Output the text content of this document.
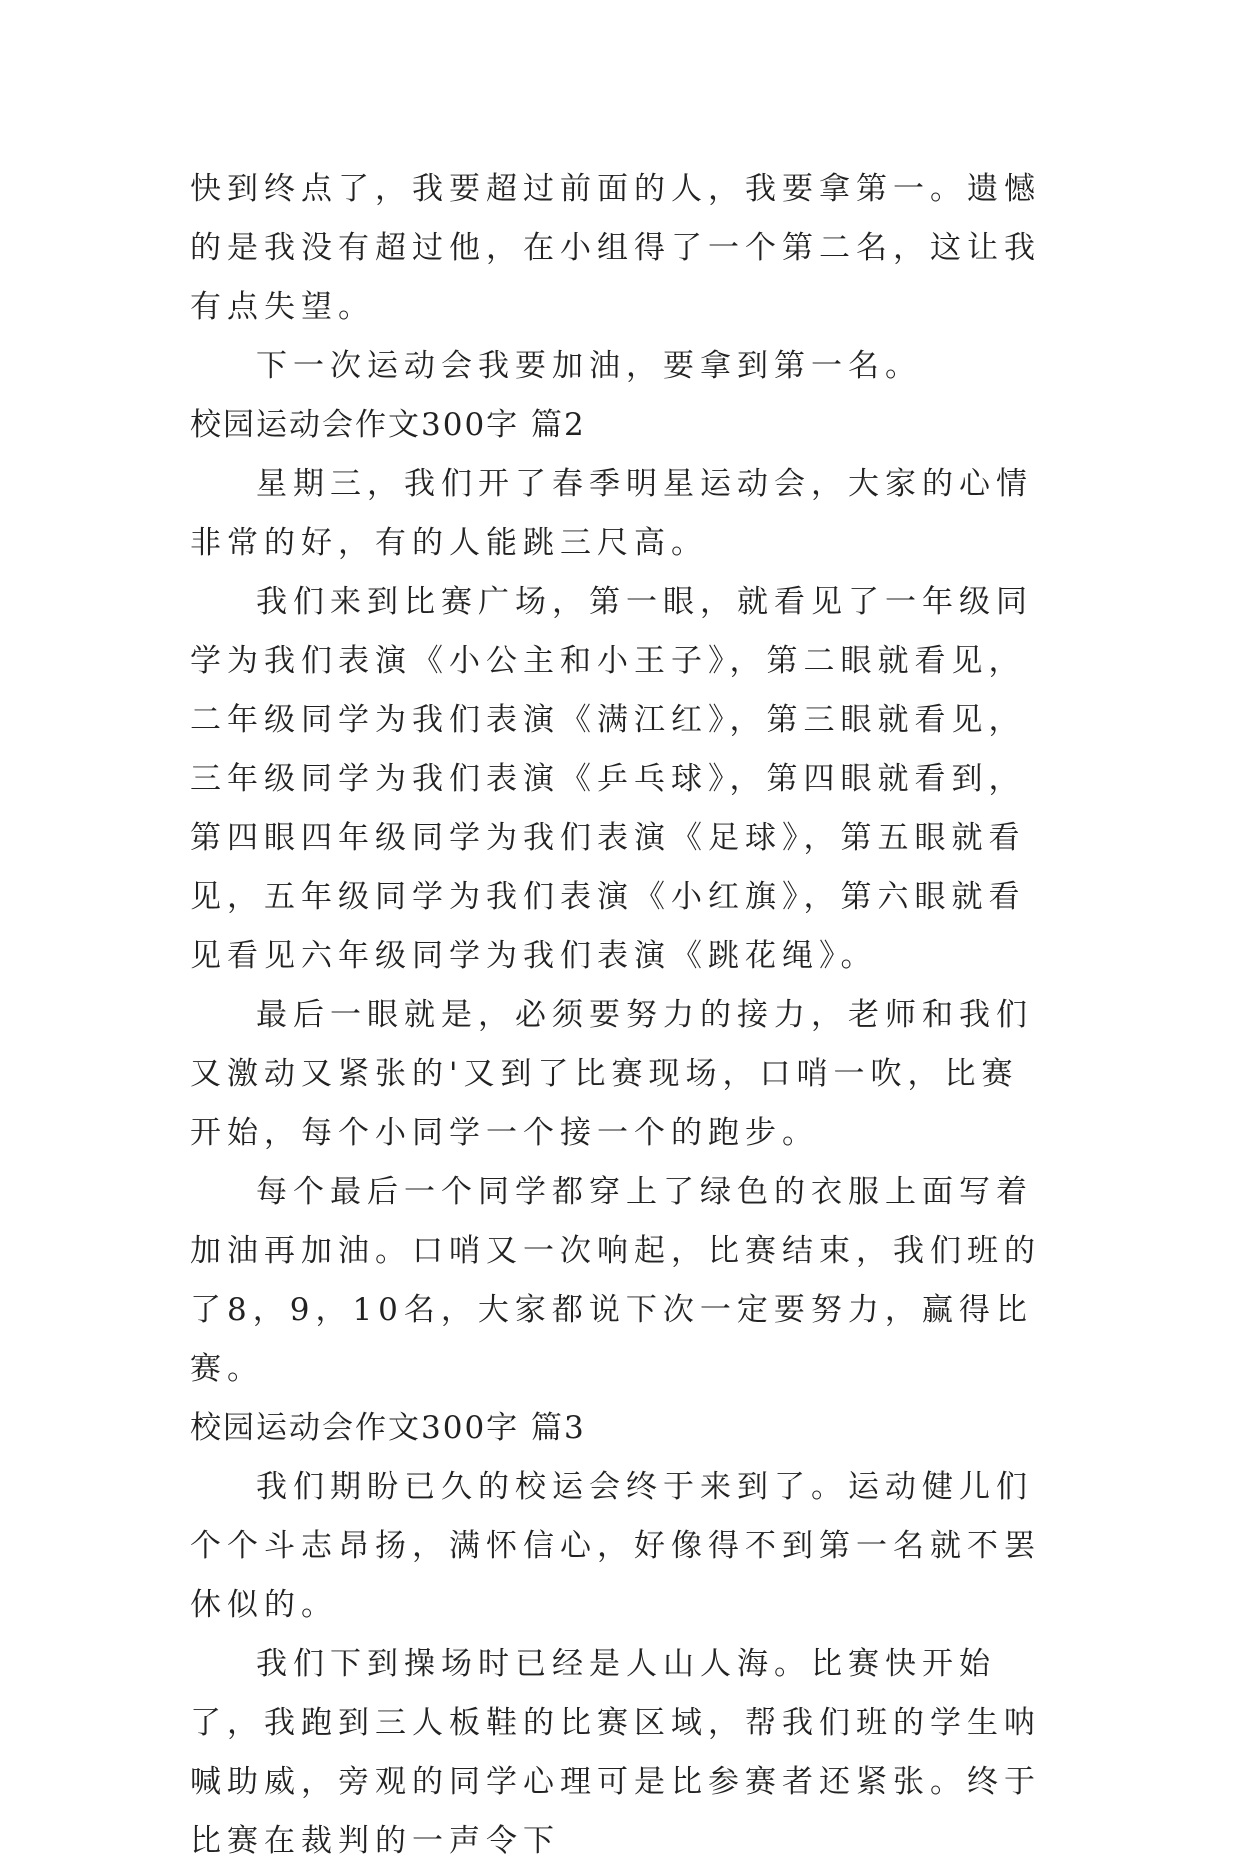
快到终点了，我要超过前面的人，我要拿第一。遗憾的是我没有超过他，在小组得了一个第二名，这让我有点失望。

下一次运动会我要加油，要拿到第一名。

校园运动会作文300字 篇2

星期三，我们开了春季明星运动会，大家的心情非常的好，有的人能跳三尺高。

我们来到比赛广场，第一眼，就看见了一年级同学为我们表演《小公主和小王子》，第二眼就看见，二年级同学为我们表演《满江红》，第三眼就看见，三年级同学为我们表演《乒乓球》，第四眼就看到，第四眼四年级同学为我们表演《足球》，第五眼就看见，五年级同学为我们表演《小红旗》，第六眼就看见看见六年级同学为我们表演《跳花绳》。

最后一眼就是，必须要努力的接力，老师和我们又激动又紧张的'又到了比赛现场，口哨一吹，比赛开始，每个小同学一个接一个的跑步。

每个最后一个同学都穿上了绿色的衣服上面写着加油再加油。口哨又一次响起，比赛结束，我们班的了8，9，10名，大家都说下次一定要努力，赢得比赛。

校园运动会作文300字 篇3

我们期盼已久的校运会终于来到了。运动健儿们个个斗志昂扬，满怀信心，好像得不到第一名就不罢休似的。

我们下到操场时已经是人山人海。比赛快开始了，我跑到三人板鞋的比赛区域，帮我们班的学生呐喊助威，旁观的同学心理可是比参赛者还紧张。终于比赛在裁判的一声令下
